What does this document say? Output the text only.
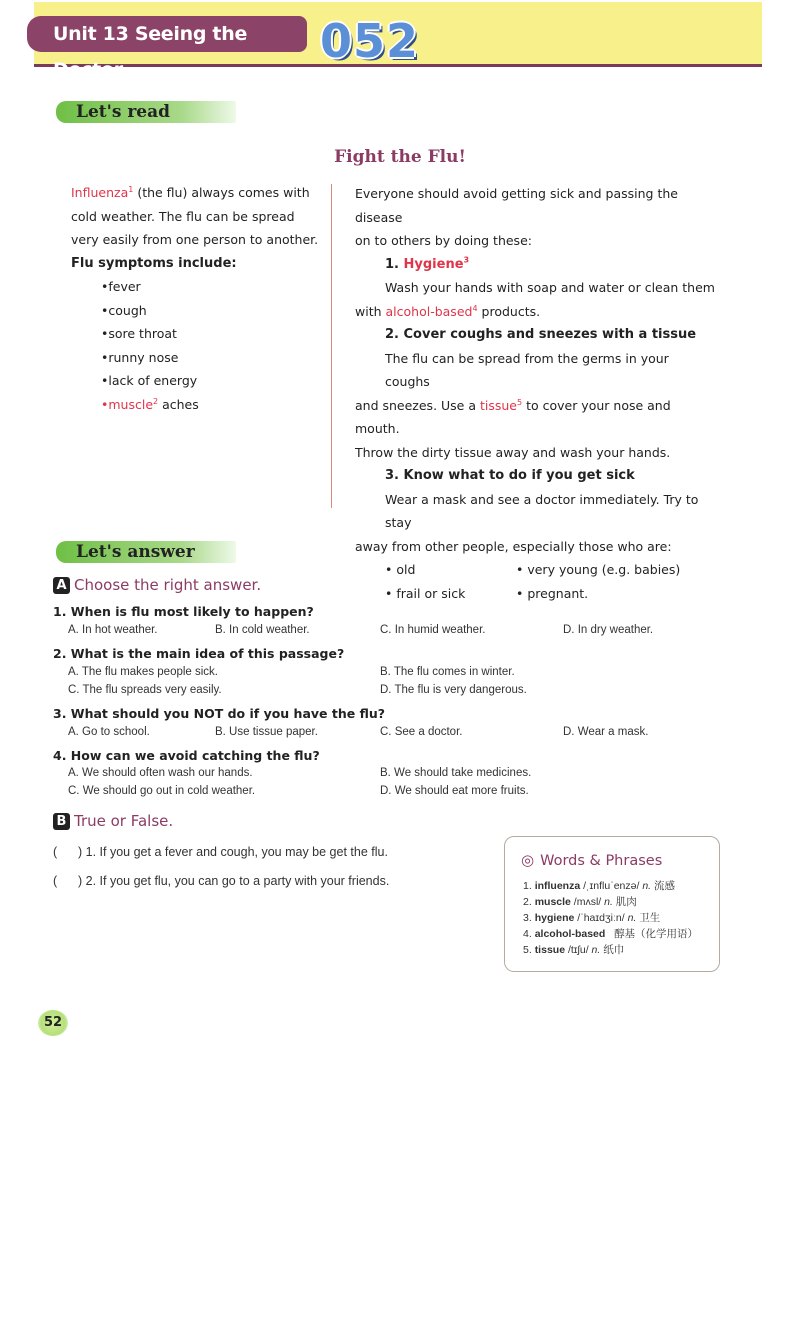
Unit 13 Seeing the Doctor
052
Let's read
Fight the Flu!
Influenza$^1$ (the flu) always comes with
cold weather. The flu can be spread
very easily from one person to another.
Flu symptoms include:
•fever
•cough
•sore throat
•runny nose
•lack of energy
•muscle$^2$ aches
Everyone should avoid getting sick and passing the disease
on to others by doing these:
1. Hygiene$^3$
Wash your hands with soap and water or clean them
with alcohol-based$^4$ products.
2. Cover coughs and sneezes with a tissue
The flu can be spread from the germs in your coughs
and sneezes. Use a tissue$^5$ to cover your nose and mouth.
Throw the dirty tissue away and wash your hands.
3. Know what to do if you get sick
Wear a mask and see a doctor immediately. Try to stay
away from other people, especially those who are:
• old	• very young (e.g. babies)
• frail or sick	• pregnant.
Let's answer
A Choose the right answer.
1. When is flu most likely to happen?
A. In hot weather.	B. In cold weather.	C. In humid weather.	D. In dry weather.
2. What is the main idea of this passage?
A. The flu makes people sick.	B. The flu comes in winter.
C. The flu spreads very easily.	D. The flu is very dangerous.
3. What should you NOT do if you have the flu?
A. Go to school.	B. Use tissue paper.	C. See a doctor.	D. Wear a mask.
4. How can we avoid catching the flu?
A. We should often wash our hands.	B. We should take medicines.
C. We should go out in cold weather.	D. We should eat more fruits.
B True or False.
(      ) 1. If you get a fever and cough, you may be get the flu.
(      ) 2. If you get flu, you can go to a party with your friends.
◎ Words & Phrases
1. influenza /ˌɪnfluˈenzə/ n. 流感
2. muscle /mʌsl/ n. 肌肉
3. hygiene /ˈhaɪdʒiːn/ n. 卫生
4. alcohol-based 醇基（化学用语）
5. tissue /tɪʃu/ n. 纸巾
52
